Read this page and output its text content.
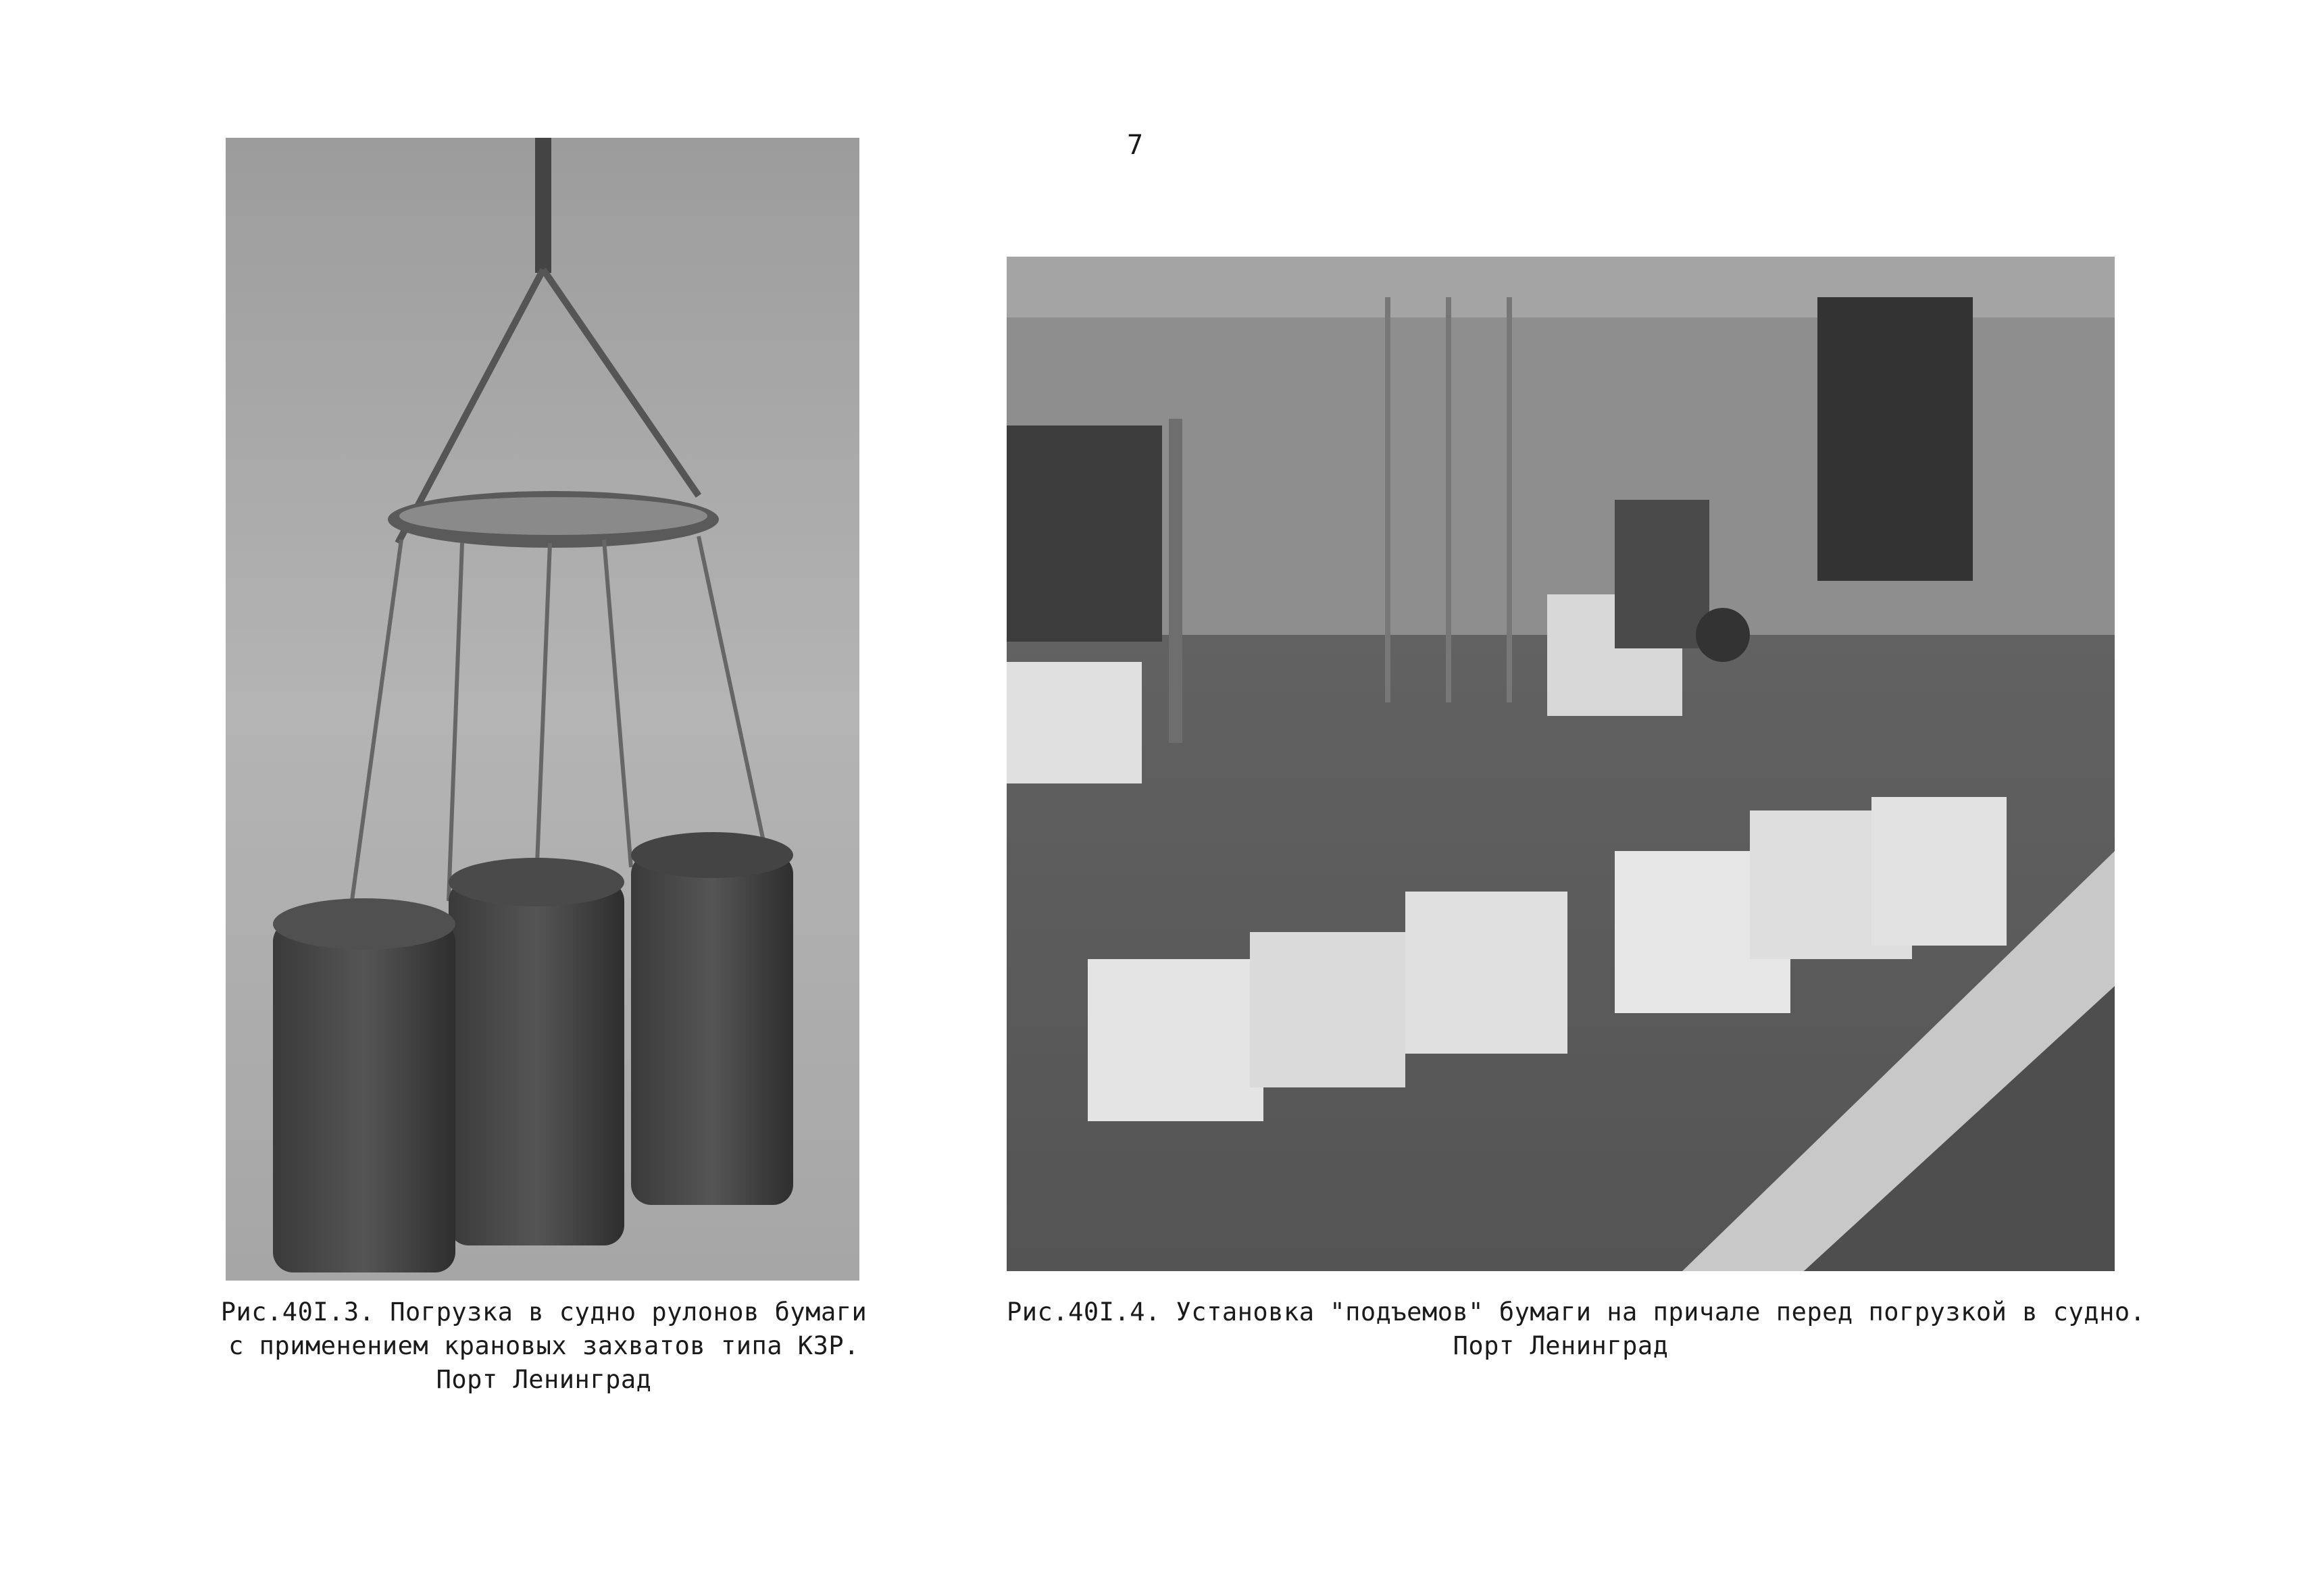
7
Рис.40I.3. Погрузка в судно рулонов бумаги
с применением крановых захватов типа КЗР.
Порт Ленинград
Рис.40I.4. Установка "подъемов" бумаги на причале перед погрузкой в судно.
Порт Ленинград
